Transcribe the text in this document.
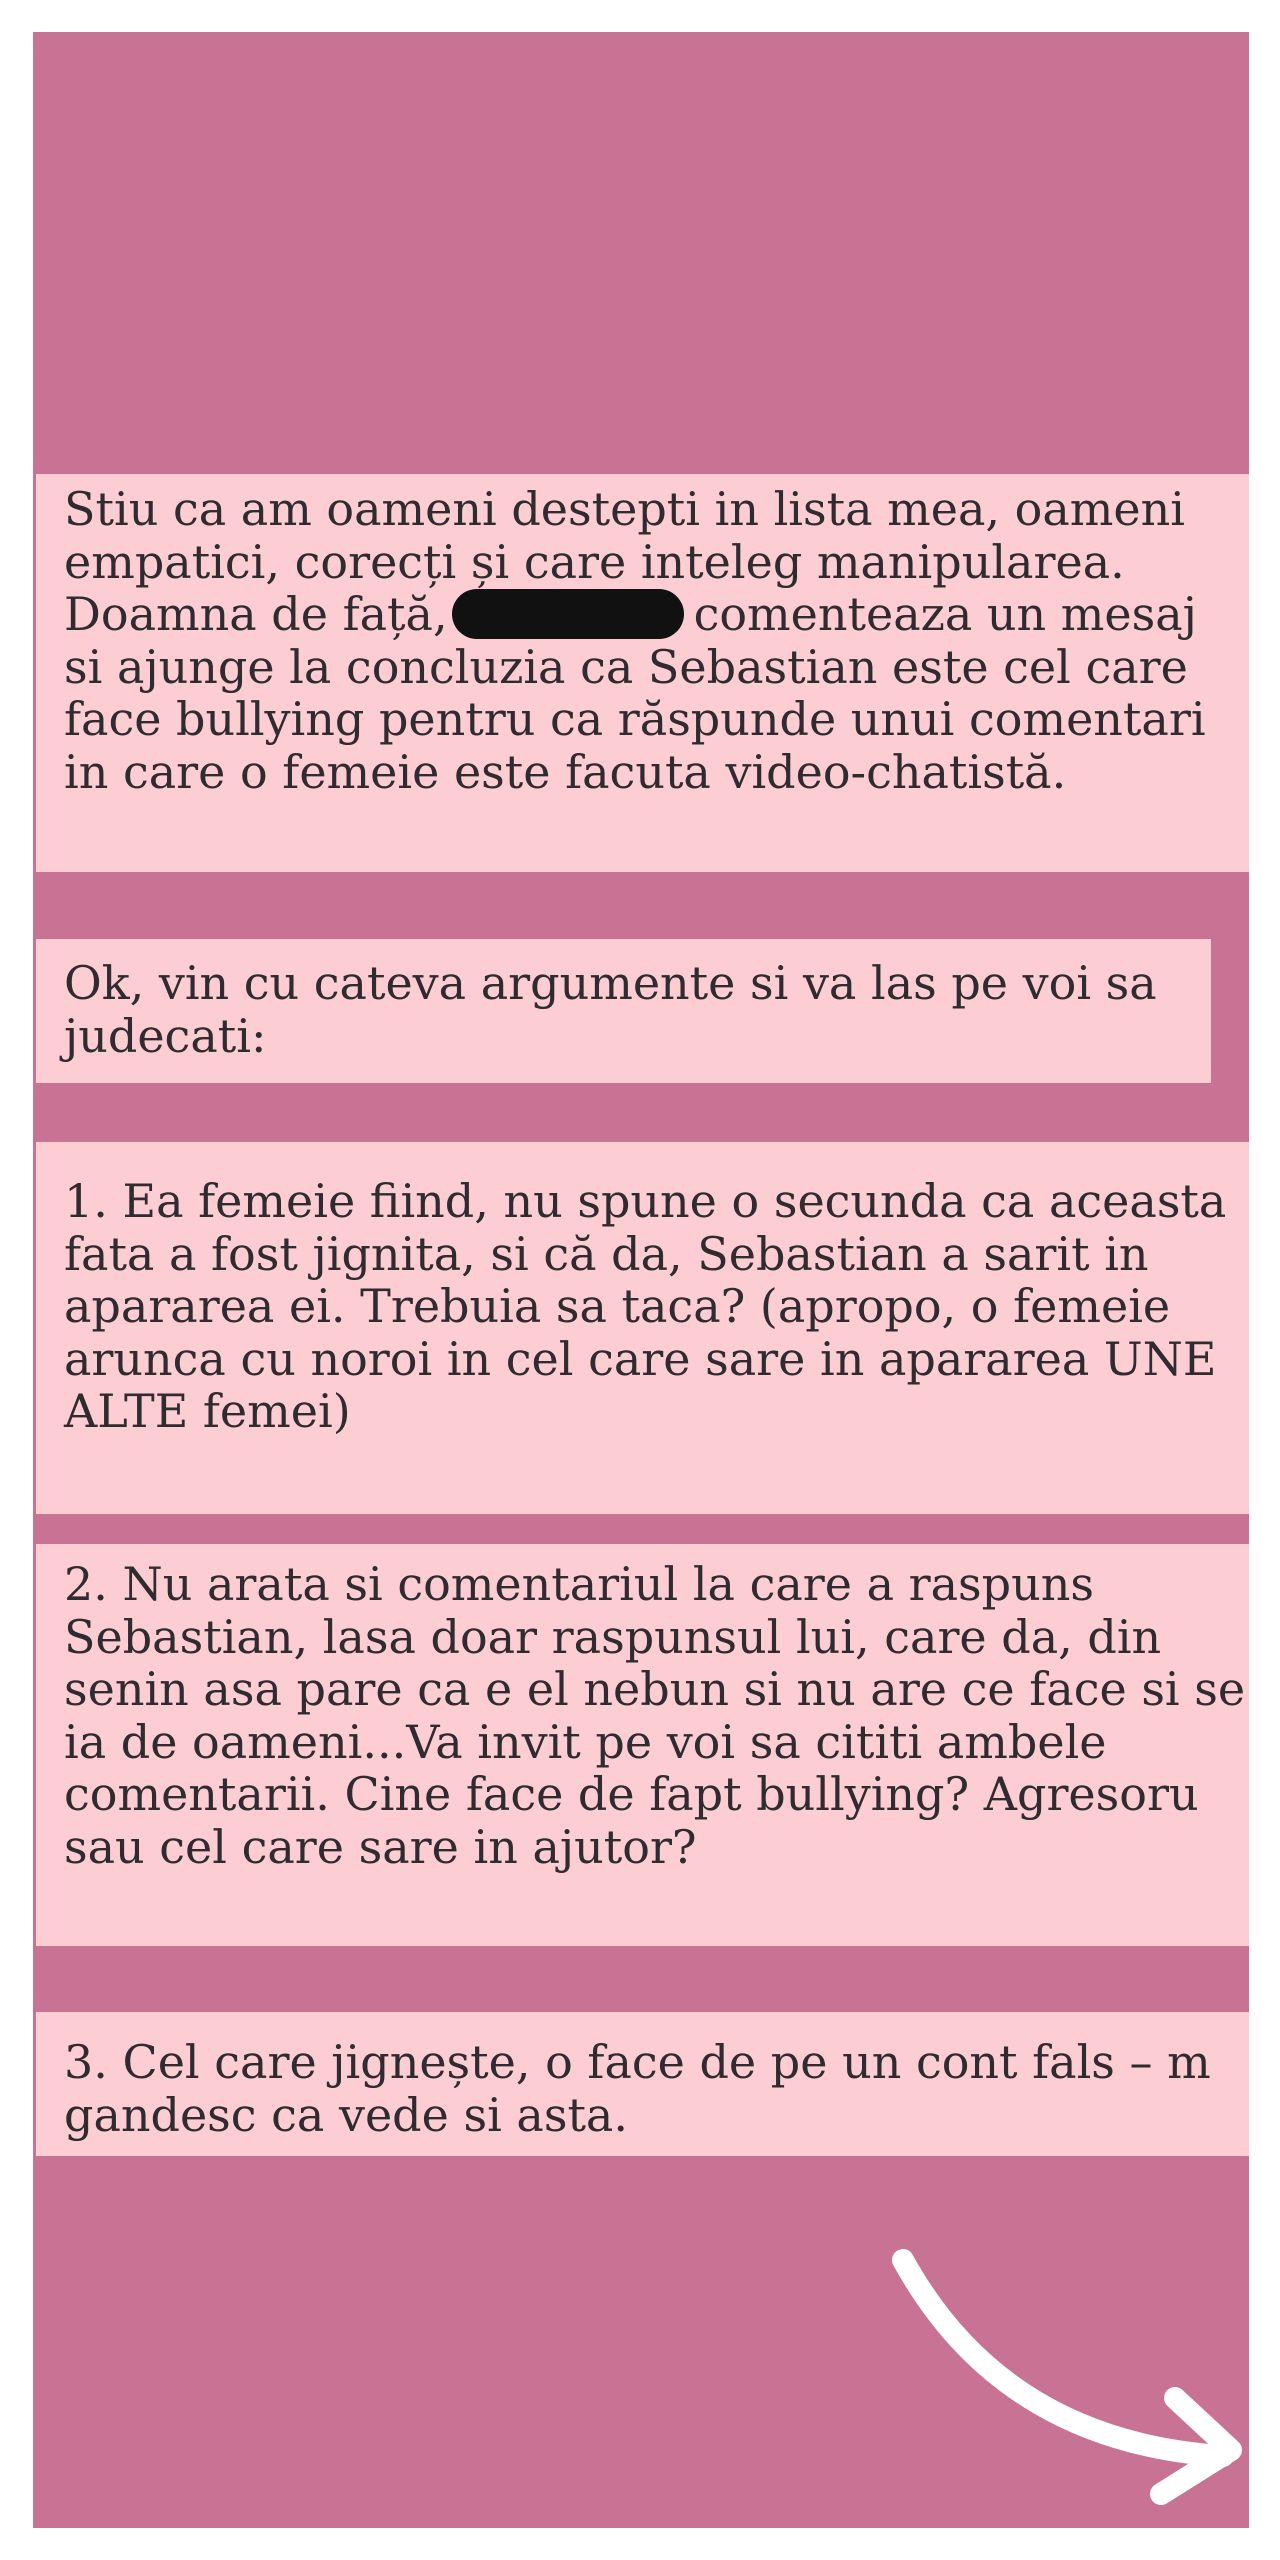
Stiu ca am oameni destepti in lista mea, oameni
empatici, corecți și care inteleg manipularea.
Doamna de față,	comenteaza un mesaj
si ajunge la concluzia ca Sebastian este cel care
face bullying pentru ca răspunde unui comentari
in care o femeie este facuta video-chatistă.
Ok, vin cu cateva argumente si va las pe voi sa
judecati:
1. Ea femeie fiind, nu spune o secunda ca aceasta
fata a fost jignita, si că da, Sebastian a sarit in
apararea ei. Trebuia sa taca? (apropo, o femeie
arunca cu noroi in cel care sare in apararea UNE
ALTE femei)
2. Nu arata si comentariul la care a raspuns
Sebastian, lasa doar raspunsul lui, care da, din
senin asa pare ca e el nebun si nu are ce face si se
ia de oameni...Va invit pe voi sa cititi ambele
comentarii. Cine face de fapt bullying? Agresoru
sau cel care sare in ajutor?
3. Cel care jignește, o face de pe un cont fals – m
gandesc ca vede si asta.
